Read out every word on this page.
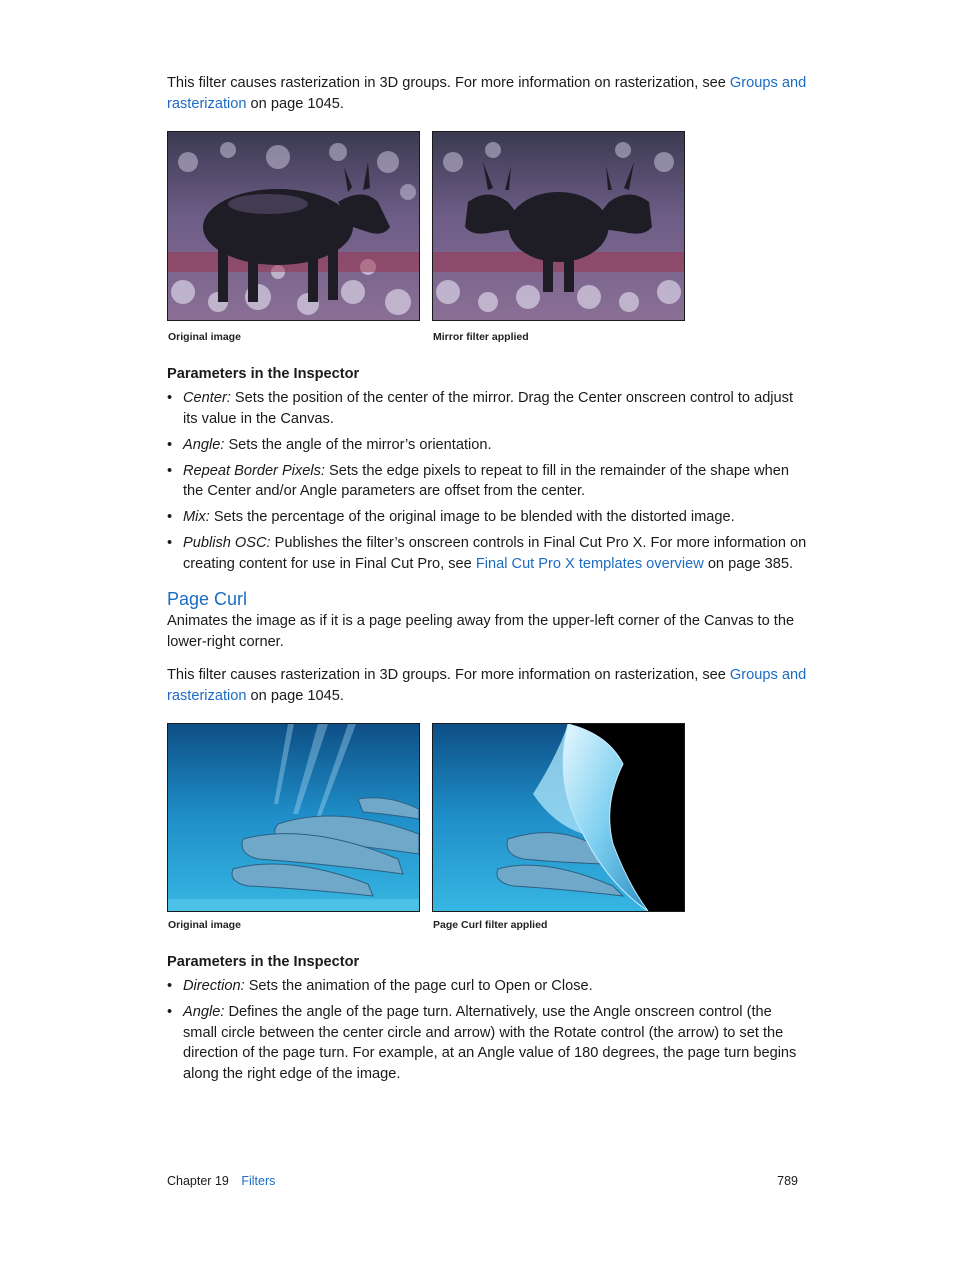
This filter causes rasterization in 3D groups. For more information on rasterization, see Groups and rasterization on page 1045.
Original image	Mirror filter applied
Parameters in the Inspector
• Center: Sets the position of the center of the mirror. Drag the Center onscreen control to adjust its value in the Canvas.
• Angle: Sets the angle of the mirror’s orientation.
• Repeat Border Pixels: Sets the edge pixels to repeat to fill in the remainder of the shape when the Center and/or Angle parameters are offset from the center.
• Mix: Sets the percentage of the original image to be blended with the distorted image.
• Publish OSC: Publishes the filter’s onscreen controls in Final Cut Pro X. For more information on creating content for use in Final Cut Pro, see Final Cut Pro X templates overview on page 385.
Page Curl
Animates the image as if it is a page peeling away from the upper-left corner of the Canvas to the lower-right corner.
This filter causes rasterization in 3D groups. For more information on rasterization, see Groups and rasterization on page 1045.
Original image	Page Curl filter applied
Parameters in the Inspector
• Direction: Sets the animation of the page curl to Open or Close.
• Angle: Defines the angle of the page turn. Alternatively, use the Angle onscreen control (the small circle between the center circle and arrow) with the Rotate control (the arrow) to set the direction of the page turn. For example, at an Angle value of 180 degrees, the page turn begins along the right edge of the image.
Chapter 19 Filters	789
